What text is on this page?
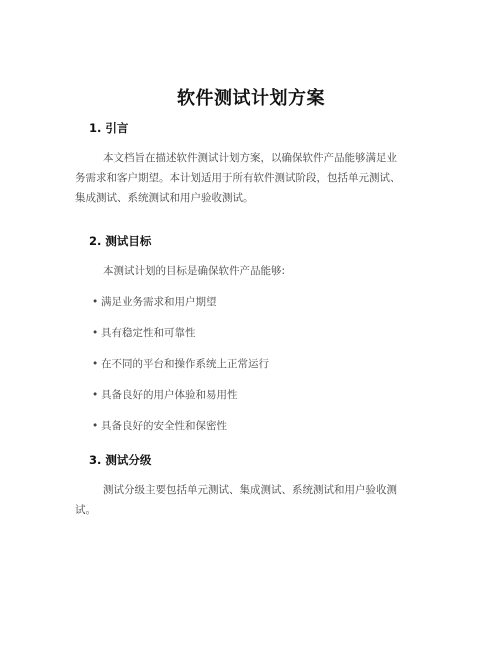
软件测试计划方案
1. 引言
本文档旨在描述软件测试计划方案，以确保软件产品能够满足业
务需求和客户期望。本计划适用于所有软件测试阶段，包括单元测试、
集成测试、系统测试和用户验收测试。
2. 测试目标
本测试计划的目标是确保软件产品能够:
• 满足业务需求和用户期望
• 具有稳定性和可靠性
• 在不同的平台和操作系统上正常运行
• 具备良好的用户体验和易用性
• 具备良好的安全性和保密性
3. 测试分级
测试分级主要包括单元测试、集成测试、系统测试和用户验收测
试。
